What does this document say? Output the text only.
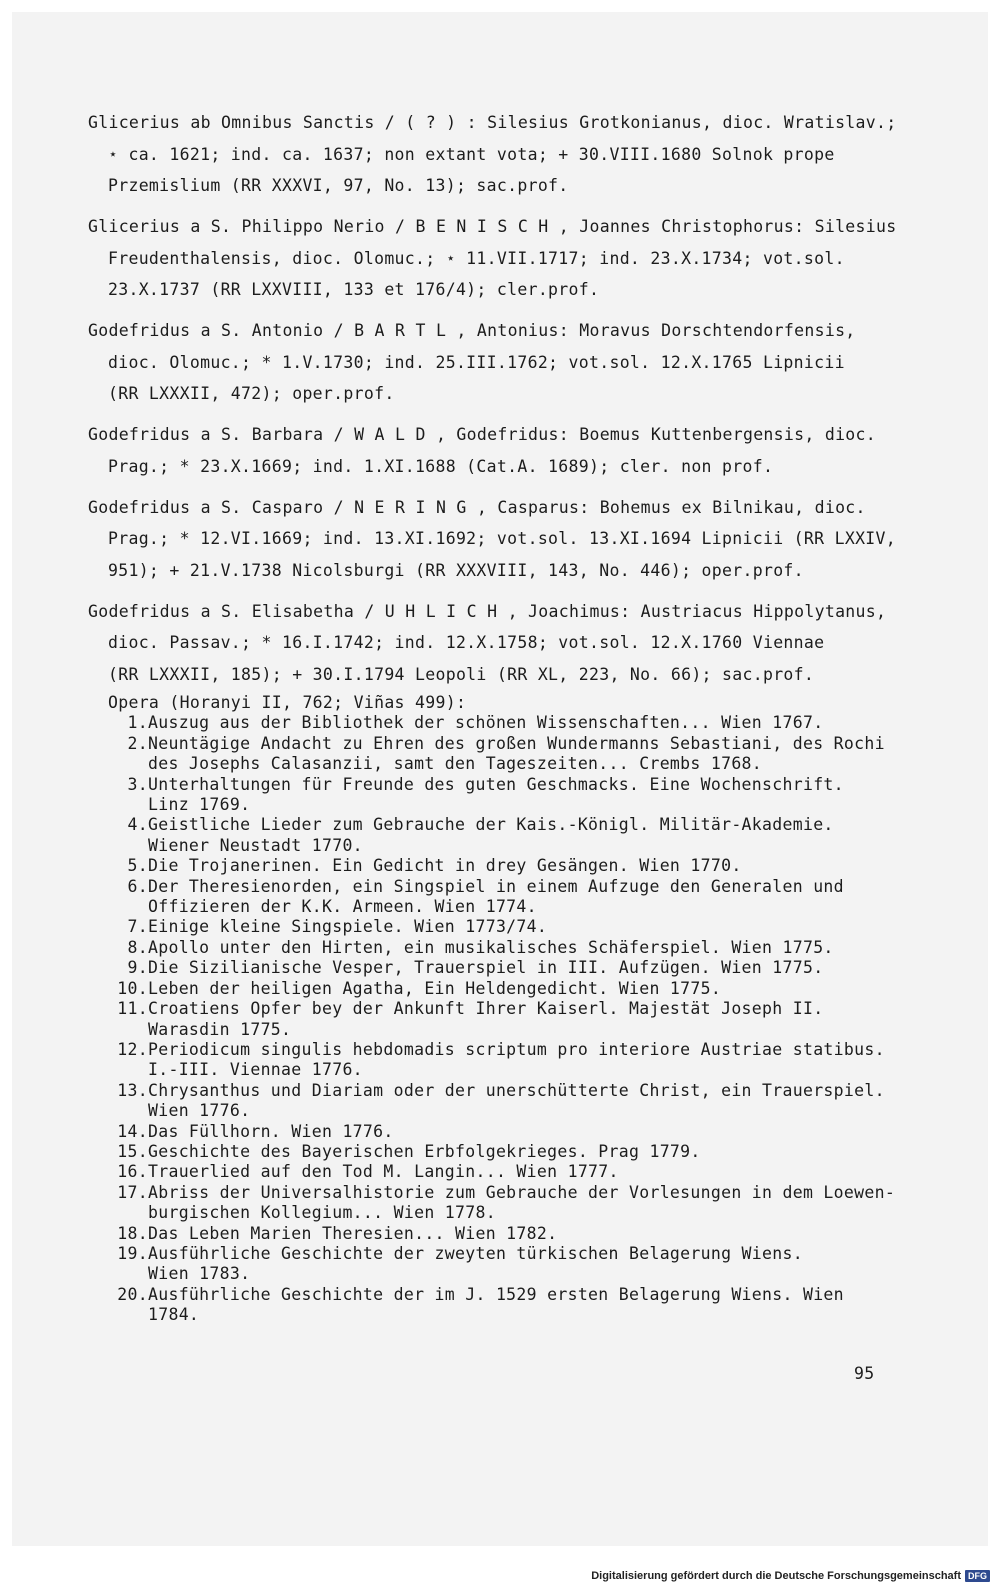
Glicerius ab Omnibus Sanctis / ( ? ) : Silesius Grotkonianus, dioc. Wratislav.;
⋆ ca. 1621; ind. ca. 1637; non extant vota; + 30.VIII.1680 Solnok prope
Przemislium (RR XXXVI, 97, No. 13); sac.prof.
Glicerius a S. Philippo Nerio / B E N I S C H , Joannes Christophorus: Silesius
Freudenthalensis, dioc. Olomuc.; ⋆ 11.VII.1717; ind. 23.X.1734; vot.sol.
23.X.1737 (RR LXXVIII, 133 et 176/4); cler.prof.
Godefridus a S. Antonio / B A R T L , Antonius: Moravus Dorschtendorfensis,
dioc. Olomuc.; * 1.V.1730; ind. 25.III.1762; vot.sol. 12.X.1765 Lipnicii
(RR LXXXII, 472); oper.prof.
Godefridus a S. Barbara / W A L D , Godefridus: Boemus Kuttenbergensis, dioc.
Prag.; * 23.X.1669; ind. 1.XI.1688 (Cat.A. 1689); cler. non prof.
Godefridus a S. Casparo / N E R I N G , Casparus: Bohemus ex Bilnikau, dioc.
Prag.; * 12.VI.1669; ind. 13.XI.1692; vot.sol. 13.XI.1694 Lipnicii (RR LXXIV,
951); + 21.V.1738 Nicolsburgi (RR XXXVIII, 143, No. 446); oper.prof.
Godefridus a S. Elisabetha / U H L I C H , Joachimus: Austriacus Hippolytanus,
dioc. Passav.; * 16.I.1742; ind. 12.X.1758; vot.sol. 12.X.1760 Viennae
(RR LXXXII, 185); + 30.I.1794 Leopoli (RR XL, 223, No. 66); sac.prof.
Opera (Horanyi II, 762; Viñas 499):
1. Auszug aus der Bibliothek der schönen Wissenschaften... Wien 1767.
2. Neuntägige Andacht zu Ehren des großen Wundermanns Sebastiani, des Rochi
des Josephs Calasanzii, samt den Tageszeiten... Crembs 1768.
3. Unterhaltungen für Freunde des guten Geschmacks. Eine Wochenschrift.
Linz 1769.
4. Geistliche Lieder zum Gebrauche der Kais.-Königl. Militär-Akademie.
Wiener Neustadt 1770.
5. Die Trojanerinen. Ein Gedicht in drey Gesängen. Wien 1770.
6. Der Theresienorden, ein Singspiel in einem Aufzuge den Generalen und
Offizieren der K.K. Armeen. Wien 1774.
7. Einige kleine Singspiele. Wien 1773/74.
8. Apollo unter den Hirten, ein musikalisches Schäferspiel. Wien 1775.
9. Die Sizilianische Vesper, Trauerspiel in III. Aufzügen. Wien 1775.
10. Leben der heiligen Agatha, Ein Heldengedicht. Wien 1775.
11. Croatiens Opfer bey der Ankunft Ihrer Kaiserl. Majestät Joseph II.
Warasdin 1775.
12. Periodicum singulis hebdomadis scriptum pro interiore Austriae statibus.
I.-III. Viennae 1776.
13. Chrysanthus und Diariam oder der unerschütterte Christ, ein Trauerspiel.
Wien 1776.
14. Das Füllhorn. Wien 1776.
15. Geschichte des Bayerischen Erbfolgekrieges. Prag 1779.
16. Trauerlied auf den Tod M. Langin... Wien 1777.
17. Abriss der Universalhistorie zum Gebrauche der Vorlesungen in dem Loewen-
burgischen Kollegium... Wien 1778.
18. Das Leben Marien Theresien... Wien 1782.
19. Ausführliche Geschichte der zweyten türkischen Belagerung Wiens.
Wien 1783.
20. Ausführliche Geschichte der im J. 1529 ersten Belagerung Wiens. Wien
1784.
95
Digitalisierung gefördert durch die Deutsche Forschungsgemeinschaft DFG
